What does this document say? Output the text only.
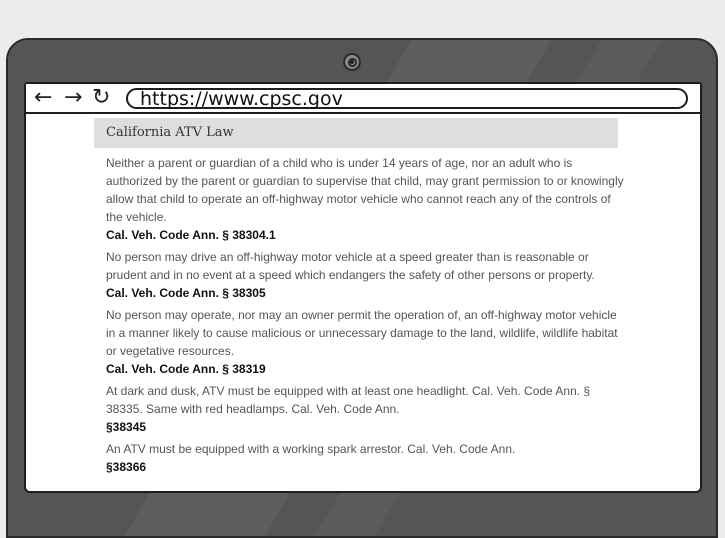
← → ↻ https://www.cpsc.gov
California ATV Law
Neither a parent or guardian of a child who is under 14 years of age, nor an adult who is authorized by the parent or guardian to supervise that child, may grant permission to or knowingly allow that child to operate an off-highway motor vehicle who cannot reach any of the controls of the vehicle.
Cal. Veh. Code Ann. § 38304.1
No person may drive an off-highway motor vehicle at a speed greater than is reasonable or prudent and in no event at a speed which endangers the safety of other persons or property.
Cal. Veh. Code Ann. § 38305
No person may operate, nor may an owner permit the operation of, an off-highway motor vehicle in a manner likely to cause malicious or unnecessary damage to the land, wildlife, wildlife habitat or vegetative resources.
Cal. Veh. Code Ann. § 38319
At dark and dusk, ATV must be equipped with at least one headlight. Cal. Veh. Code Ann. § 38335. Same with red headlamps. Cal. Veh. Code Ann.
§38345
An ATV must be equipped with a working spark arrestor. Cal. Veh. Code Ann.
§38366
